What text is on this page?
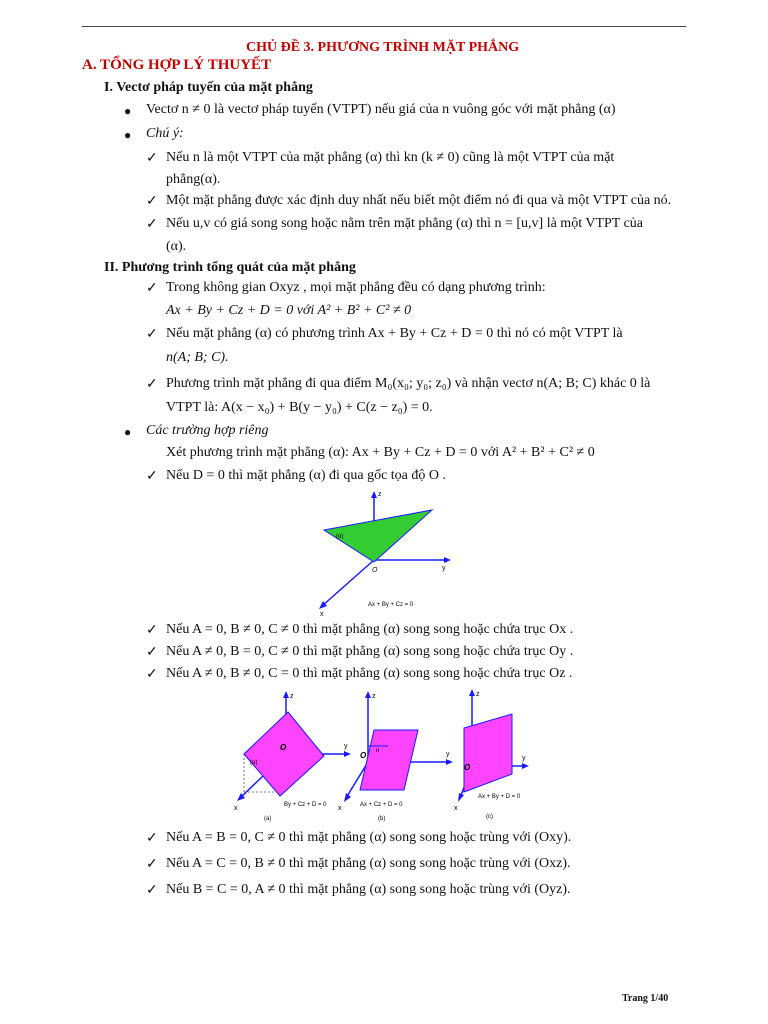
CHỦ ĐỀ 3. PHƯƠNG TRÌNH MẶT PHẲNG
A. TỔNG HỢP LÝ THUYẾT
I. Vectơ pháp tuyến của mặt phẳng
● Vectơ n ≠ 0 là vectơ pháp tuyến (VTPT) nếu giá của n vuông góc với mặt phẳng (α)
● Chú ý:
✓ Nếu n là một VTPT của mặt phẳng (α) thì kn (k ≠ 0) cũng là một VTPT của mặt
phẳng(α).
✓ Một mặt phẳng được xác định duy nhất nếu biết một điểm nó đi qua và một VTPT của nó.
✓ Nếu u,v có giá song song hoặc nằm trên mặt phẳng (α) thì n = [u,v] là một VTPT của
(α).
II. Phương trình tổng quát của mặt phẳng
✓ Trong không gian Oxyz , mọi mặt phẳng đều có dạng phương trình:
Ax + By + Cz + D = 0 với A² + B² + C² ≠ 0
✓ Nếu mặt phẳng (α) có phương trình Ax + By + Cz + D = 0 thì nó có một VTPT là
n(A; B; C).
✓ Phương trình mặt phẳng đi qua điểm M₀(x₀; y₀; z₀) và nhận vectơ n(A; B; C) khác 0 là
VTPT là: A(x − x₀) + B(y − y₀) + C(z − z₀) = 0.
● Các trường hợp riêng
Xét phương trình mặt phẳng (α): Ax + By + Cz + D = 0 với A² + B² + C² ≠ 0
✓ Nếu D = 0 thì mặt phẳng (α) đi qua gốc tọa độ O .
z
y
x
O
(α)
Ax + By + Cz = 0
✓ Nếu A = 0, B ≠ 0, C ≠ 0 thì mặt phẳng (α) song song hoặc chứa trục Ox .
✓ Nếu A ≠ 0, B = 0, C ≠ 0 thì mặt phẳng (α) song song hoặc chứa trục Oy .
✓ Nếu A ≠ 0, B ≠ 0, C = 0 thì mặt phẳng (α) song song hoặc chứa trục Oz .
z
y
x
O
By + Cz + D = 0
(a)
(α)
z
y
x
O n
Ax + Cz + D = 0
(b)
z
y
x
O
Ax + By + D = 0
(c)
✓ Nếu A = B = 0, C ≠ 0 thì mặt phẳng (α) song song hoặc trùng với (Oxy).
✓ Nếu A = C = 0, B ≠ 0 thì mặt phẳng (α) song song hoặc trùng với (Oxz).
✓ Nếu B = C = 0, A ≠ 0 thì mặt phẳng (α) song song hoặc trùng với (Oyz).
Trang 1/40
